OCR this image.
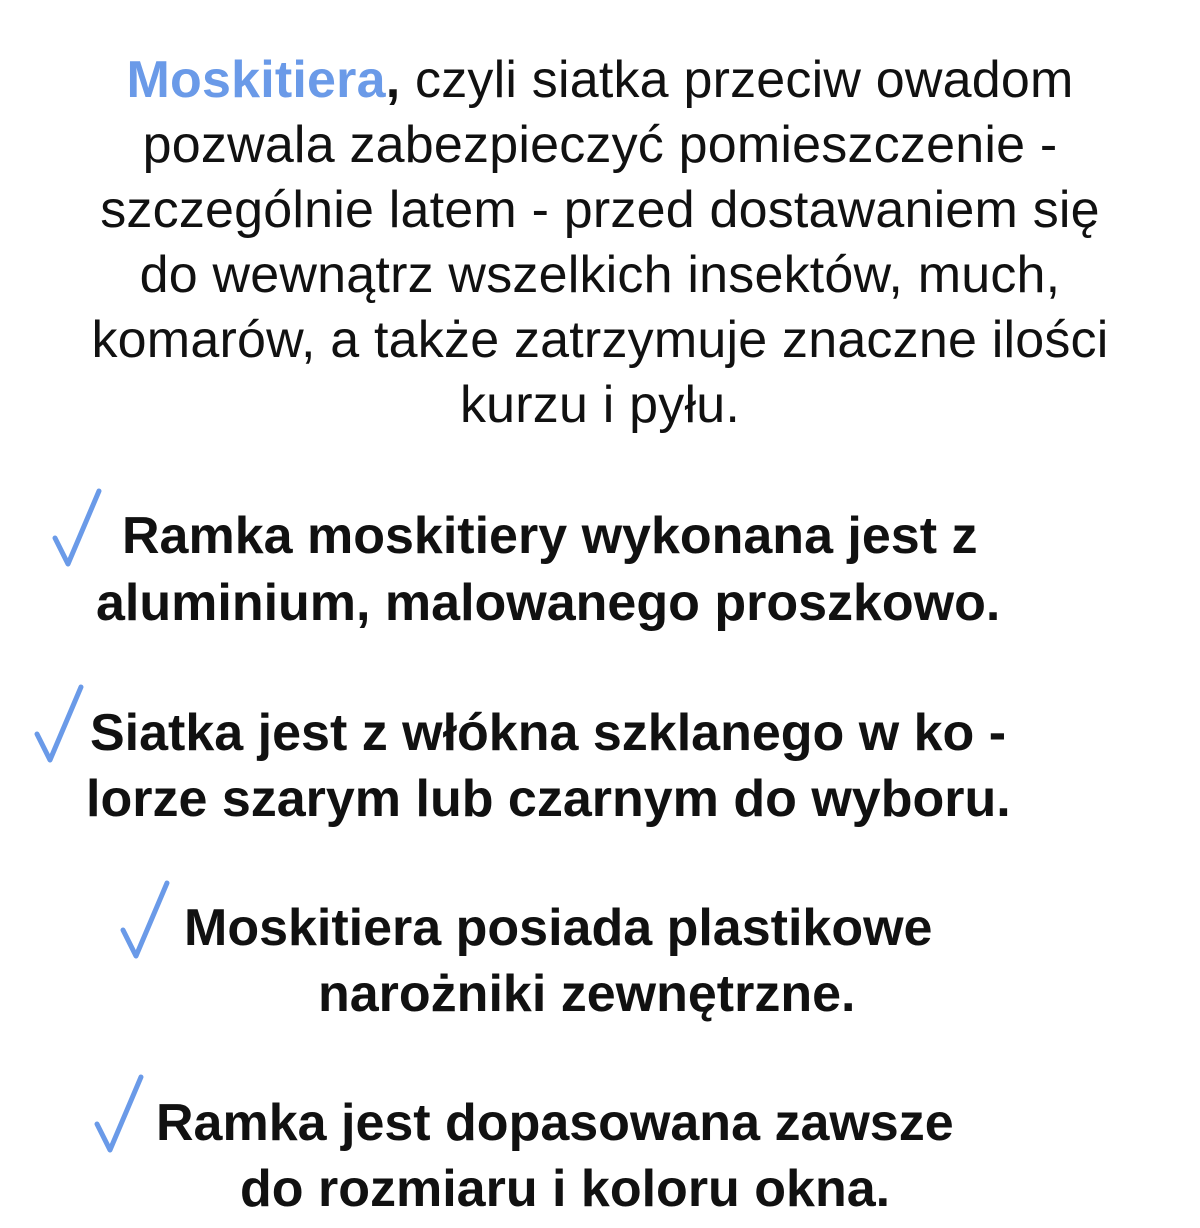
Moskitiera, czyli siatka przeciw owadom
pozwala zabezpieczyć pomieszczenie -
szczególnie latem - przed dostawaniem się
do wewnątrz wszelkich insektów, much,
komarów, a także zatrzymuje znaczne ilości
kurzu i pyłu.
Ramka moskitiery wykonana jest z
aluminium, malowanego proszkowo.
Siatka jest z włókna szklanego w ko -
lorze szarym lub czarnym do wyboru.
Moskitiera posiada plastikowe
narożniki zewnętrzne.
Ramka jest dopasowana zawsze
do rozmiaru i koloru okna.
